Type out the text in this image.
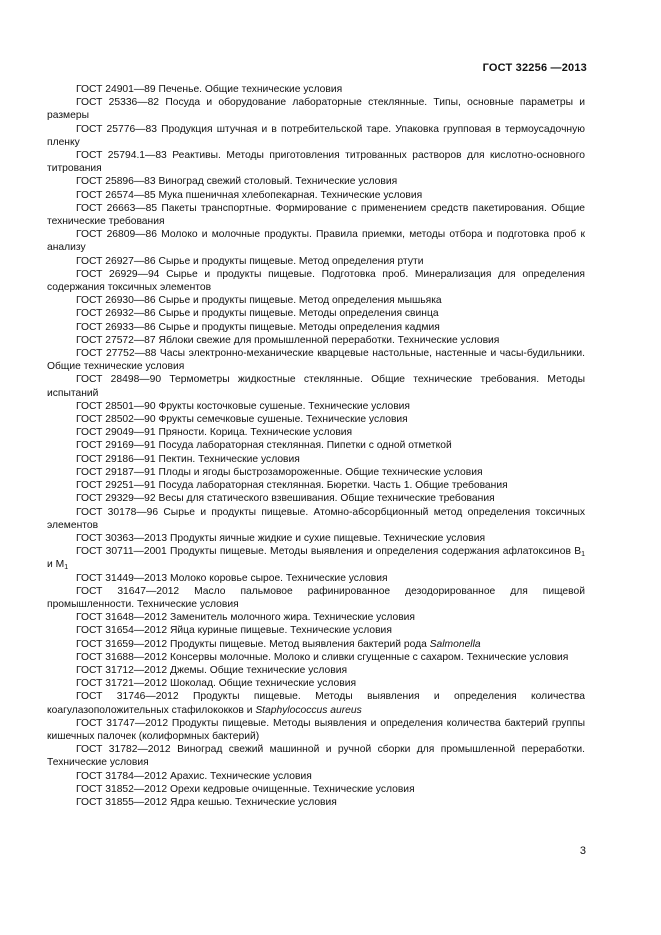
ГОСТ 32256 —2013

ГОСТ 24901—89 Печенье. Общие технические условия

ГОСТ 25336—82 Посуда и оборудование лабораторные стеклянные. Типы, основные параметры и размеры

ГОСТ 25776—83 Продукция штучная и в потребительской таре. Упаковка групповая в термоусадочную пленку

ГОСТ 25794.1—83 Реактивы. Методы приготовления титрованных растворов для кислотно-основного титрования

ГОСТ 25896—83 Виноград свежий столовый. Технические условия

ГОСТ 26574—85 Мука пшеничная хлебопекарная. Технические условия

ГОСТ 26663—85 Пакеты транспортные. Формирование с применением средств пакетирования. Общие технические требования

ГОСТ 26809—86 Молоко и молочные продукты. Правила приемки, методы отбора и подготовка проб к анализу

ГОСТ 26927—86 Сырье и продукты пищевые. Метод определения ртути

ГОСТ 26929—94 Сырье и продукты пищевые. Подготовка проб. Минерализация для определения содержания токсичных элементов

ГОСТ 26930—86 Сырье и продукты пищевые. Метод определения мышьяка

ГОСТ 26932—86 Сырье и продукты пищевые. Методы определения свинца

ГОСТ 26933—86 Сырье и продукты пищевые. Методы определения кадмия

ГОСТ 27572—87 Яблоки свежие для промышленной переработки. Технические условия

ГОСТ 27752—88 Часы электронно-механические кварцевые настольные, настенные и часы-будильники. Общие технические условия

ГОСТ 28498—90 Термометры жидкостные стеклянные. Общие технические требования. Методы испытаний

ГОСТ 28501—90 Фрукты косточковые сушеные. Технические условия

ГОСТ 28502—90 Фрукты семечковые сушеные. Технические условия

ГОСТ 29049—91 Пряности. Корица. Технические условия

ГОСТ 29169—91 Посуда лабораторная стеклянная. Пипетки с одной отметкой

ГОСТ 29186—91 Пектин. Технические условия

ГОСТ 29187—91 Плоды и ягоды быстрозамороженные. Общие технические условия

ГОСТ 29251—91 Посуда лабораторная стеклянная. Бюретки. Часть 1. Общие требования

ГОСТ 29329—92 Весы для статического взвешивания. Общие технические требования

ГОСТ 30178—96 Сырье и продукты пищевые. Атомно-абсорбционный метод определения токсичных элементов

ГОСТ 30363—2013 Продукты яичные жидкие и сухие пищевые. Технические условия

ГОСТ 30711—2001 Продукты пищевые. Методы выявления и определения содержания афлатоксинов $B_1$ и $M_1$

ГОСТ 31449—2013 Молоко коровье сырое. Технические условия

ГОСТ 31647—2012 Масло пальмовое рафинированное дезодорированное для пищевой промышленности. Технические условия

ГОСТ 31648—2012 Заменитель молочного жира. Технические условия

ГОСТ 31654—2012 Яйца куриные пищевые. Технические условия

ГОСТ 31659—2012 Продукты пищевые. Метод выявления бактерий рода Salmonella

ГОСТ 31688—2012 Консервы молочные. Молоко и сливки сгущенные с сахаром. Технические условия

ГОСТ 31712—2012 Джемы. Общие технические условия

ГОСТ 31721—2012 Шоколад. Общие технические условия

ГОСТ 31746—2012 Продукты пищевые. Методы выявления и определения количества коагулазоположительных стафилококков и Staphylococcus aureus

ГОСТ 31747—2012 Продукты пищевые. Методы выявления и определения количества бактерий группы кишечных палочек (колиформных бактерий)

ГОСТ 31782—2012 Виноград свежий машинной и ручной сборки для промышленной переработки. Технические условия

ГОСТ 31784—2012 Арахис. Технические условия

ГОСТ 31852—2012 Орехи кедровые очищенные. Технические условия

ГОСТ 31855—2012 Ядра кешью. Технические условия

3
